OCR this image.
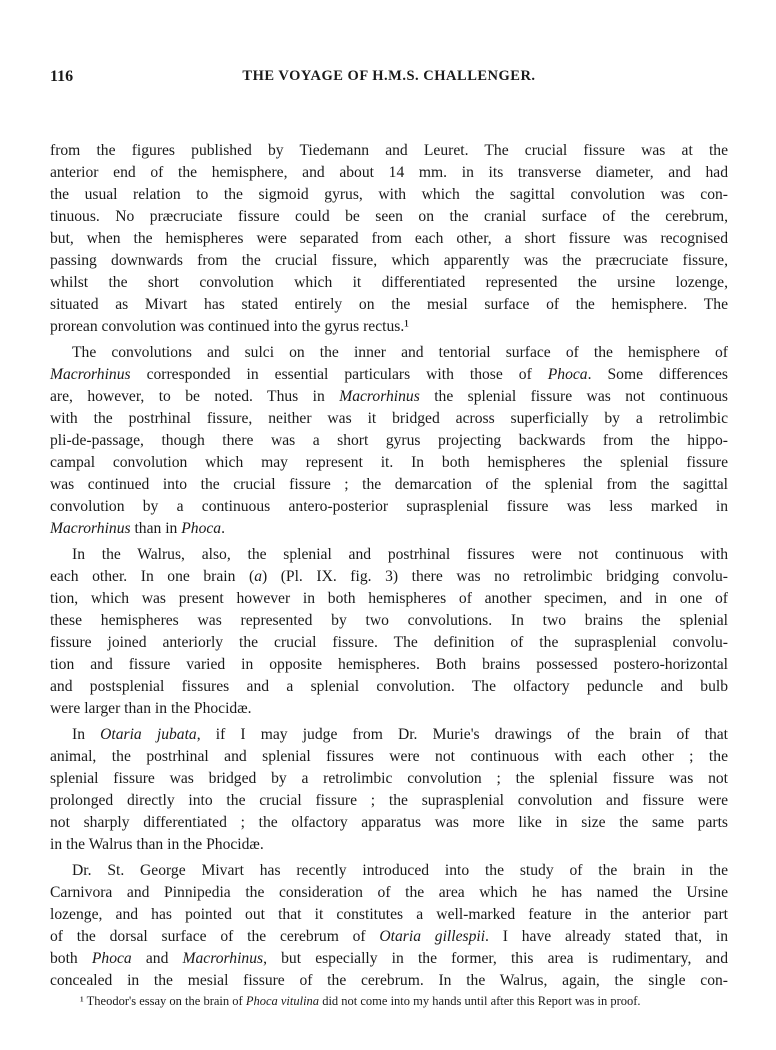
116	THE VOYAGE OF H.M.S. CHALLENGER.
from the figures published by Tiedemann and Leuret. The crucial fissure was at the
anterior end of the hemisphere, and about 14 mm. in its transverse diameter, and had
the usual relation to the sigmoid gyrus, with which the sagittal convolution was con-
tinuous. No præcruciate fissure could be seen on the cranial surface of the cerebrum,
but, when the hemispheres were separated from each other, a short fissure was recognised
passing downwards from the crucial fissure, which apparently was the præcruciate fissure,
whilst the short convolution which it differentiated represented the ursine lozenge,
situated as Mivart has stated entirely on the mesial surface of the hemisphere. The
prorean convolution was continued into the gyrus rectus.¹
The convolutions and sulci on the inner and tentorial surface of the hemisphere of
Macrorhinus corresponded in essential particulars with those of Phoca. Some differences
are, however, to be noted. Thus in Macrorhinus the splenial fissure was not continuous
with the postrhinal fissure, neither was it bridged across superficially by a retrolimbic
pli-de-passage, though there was a short gyrus projecting backwards from the hippo-
campal convolution which may represent it. In both hemispheres the splenial fissure
was continued into the crucial fissure ; the demarcation of the splenial from the sagittal
convolution by a continuous antero-posterior suprasplenial fissure was less marked in
Macrorhinus than in Phoca.
In the Walrus, also, the splenial and postrhinal fissures were not continuous with
each other. In one brain (a) (Pl. IX. fig. 3) there was no retrolimbic bridging convolu-
tion, which was present however in both hemispheres of another specimen, and in one of
these hemispheres was represented by two convolutions. In two brains the splenial
fissure joined anteriorly the crucial fissure. The definition of the suprasplenial convolu-
tion and fissure varied in opposite hemispheres. Both brains possessed postero-horizontal
and postsplenial fissures and a splenial convolution. The olfactory peduncle and bulb
were larger than in the Phocidæ.
In Otaria jubata, if I may judge from Dr. Murie's drawings of the brain of that
animal, the postrhinal and splenial fissures were not continuous with each other ; the
splenial fissure was bridged by a retrolimbic convolution ; the splenial fissure was not
prolonged directly into the crucial fissure ; the suprasplenial convolution and fissure were
not sharply differentiated ; the olfactory apparatus was more like in size the same parts
in the Walrus than in the Phocidæ.
Dr. St. George Mivart has recently introduced into the study of the brain in the
Carnivora and Pinnipedia the consideration of the area which he has named the Ursine
lozenge, and has pointed out that it constitutes a well-marked feature in the anterior part
of the dorsal surface of the cerebrum of Otaria gillespii. I have already stated that, in
both Phoca and Macrorhinus, but especially in the former, this area is rudimentary, and
concealed in the mesial fissure of the cerebrum. In the Walrus, again, the single con-
¹ Theodor's essay on the brain of Phoca vitulina did not come into my hands until after this Report was in proof.
